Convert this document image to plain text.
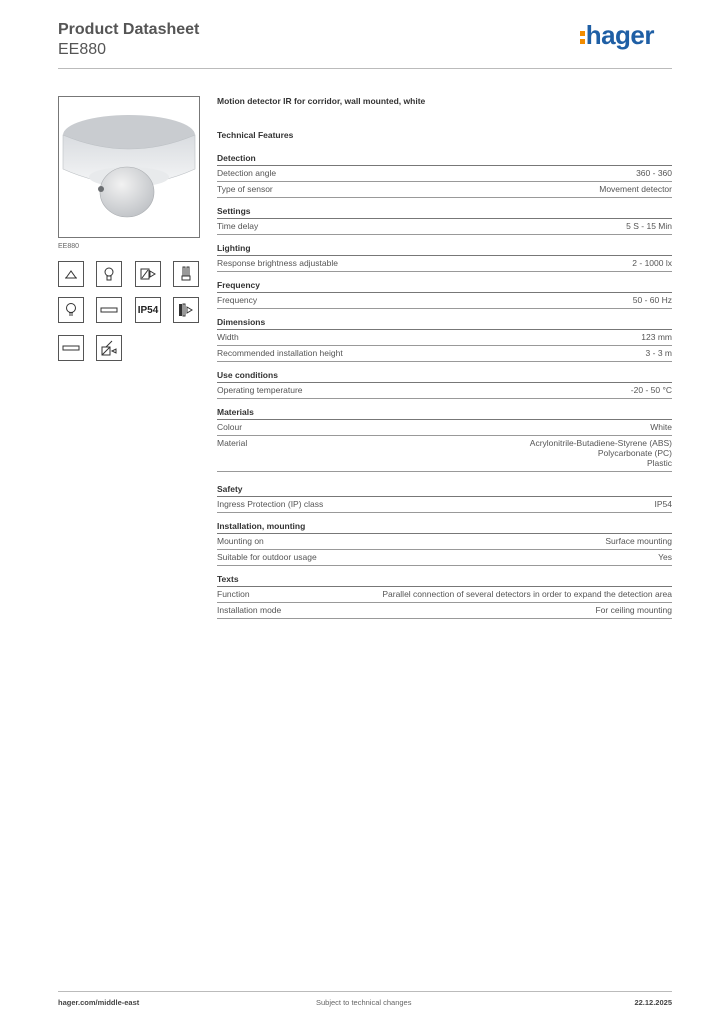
Product Datasheet
EE880	hager
EE880
IP54
Motion detector IR for corridor, wall mounted, white
Technical Features
Detection
Detection angle	360 - 360
Type of sensor	Movement detector
Settings
Time delay	5 S - 15 Min
Lighting
Response brightness adjustable	2 - 1000 lx
Frequency
Frequency	50 - 60 Hz
Dimensions
Width	123 mm
Recommended installation height	3 - 3 m
Use conditions
Operating temperature	-20 - 50 °C
Materials
Colour	White
Material	Acrylonitrile-Butadiene-Styrene (ABS)
Polycarbonate (PC)
Plastic
Safety
Ingress Protection (IP) class	IP54
Installation, mounting
Mounting on	Surface mounting
Suitable for outdoor usage	Yes
Texts
Function	Parallel connection of several detectors in order to expand the detection area
Installation mode	For ceiling mounting
hager.com/middle-east	Subject to technical changes	22.12.2025
